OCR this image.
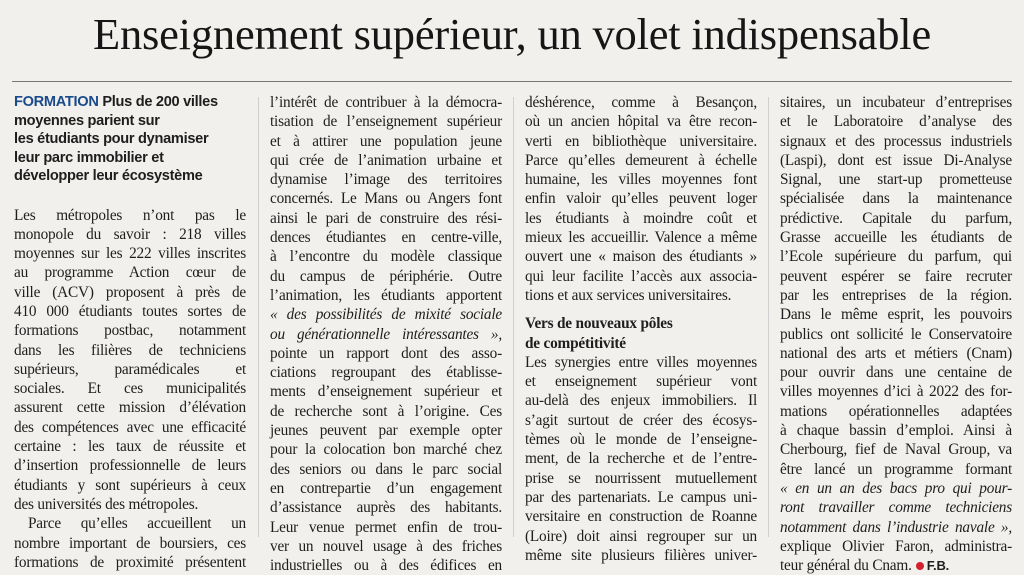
Enseignement supérieur, un volet indispensable
FORMATION Plus de 200 villes
moyennes parient sur
les étudiants pour dynamiser
leur parc immobilier et
développer leur écosystème
Les métropoles n’ont pas le
monopole du savoir : 218 villes
moyennes sur les 222 villes inscrites
au programme Action cœur de
ville (ACV) proposent à près de
410 000 étudiants toutes sortes de
formations postbac, notamment
dans les filières de techniciens
supérieurs, paramédicales et
sociales. Et ces municipalités
assurent cette mission d’élévation
des compétences avec une efficacité
certaine : les taux de réussite et
d’insertion professionnelle de leurs
étudiants y sont supérieurs à ceux
des universités des métropoles.
Parce qu’elles accueillent un
nombre important de boursiers, ces
formations de proximité présentent
l’intérêt de contribuer à la démocra-
tisation de l’enseignement supérieur
et à attirer une population jeune
qui crée de l’animation urbaine et
dynamise l’image des territoires
concernés. Le Mans ou Angers font
ainsi le pari de construire des rési-
dences étudiantes en centre-ville,
à l’encontre du modèle classique
du campus de périphérie. Outre
l’animation, les étudiants apportent
« des possibilités de mixité sociale
ou générationnelle intéressantes »,
pointe un rapport dont des asso-
ciations regroupant des établisse-
ments d’enseignement supérieur et
de recherche sont à l’origine. Ces
jeunes peuvent par exemple opter
pour la colocation bon marché chez
des seniors ou dans le parc social
en contrepartie d’un engagement
d’assistance auprès des habitants.
Leur venue permet enfin de trou-
ver un nouvel usage à des friches
industrielles ou à des édifices en
déshérence, comme à Besançon,
où un ancien hôpital va être recon-
verti en bibliothèque universitaire.
Parce qu’elles demeurent à échelle
humaine, les villes moyennes font
enfin valoir qu’elles peuvent loger
les étudiants à moindre coût et
mieux les accueillir. Valence a même
ouvert une « maison des étudiants »
qui leur facilite l’accès aux associa-
tions et aux services universitaires.
Vers de nouveaux pôles
de compétitivité
Les synergies entre villes moyennes
et enseignement supérieur vont
au-delà des enjeux immobiliers. Il
s’agit surtout de créer des écosys-
tèmes où le monde de l’enseigne-
ment, de la recherche et de l’entre-
prise se nourrissent mutuellement
par des partenariats. Le campus uni-
versitaire en construction de Roanne
(Loire) doit ainsi regrouper sur un
même site plusieurs filières univer-
sitaires, un incubateur d’entreprises
et le Laboratoire d’analyse des
signaux et des processus industriels
(Laspi), dont est issue Di-Analyse
Signal, une start-up prometteuse
spécialisée dans la maintenance
prédictive. Capitale du parfum,
Grasse accueille les étudiants de
l’Ecole supérieure du parfum, qui
peuvent espérer se faire recruter
par les entreprises de la région.
Dans le même esprit, les pouvoirs
publics ont sollicité le Conservatoire
national des arts et métiers (Cnam)
pour ouvrir dans une centaine de
villes moyennes d’ici à 2022 des for-
mations opérationnelles adaptées
à chaque bassin d’emploi. Ainsi à
Cherbourg, fief de Naval Group, va
être lancé un programme formant
« en un an des bacs pro qui pour-
ront travailler comme techniciens
notamment dans l’industrie navale »,
explique Olivier Faron, administra-
teur général du Cnam. F.B.
